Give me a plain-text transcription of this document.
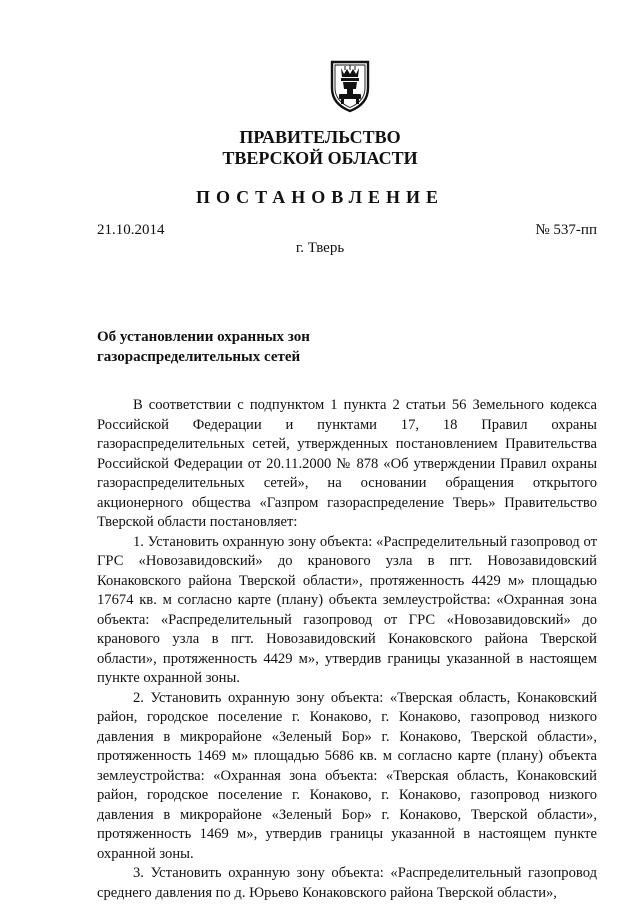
ПРАВИТЕЛЬСТВО
ТВЕРСКОЙ ОБЛАСТИ
ПОСТАНОВЛЕНИЕ
21.10.2014	№ 537-пп
г. Тверь
Об установлении охранных зон
газораспределительных сетей

В соответствии с подпунктом 1 пункта 2 статьи 56 Земельного кодекса Российской Федерации и пунктами 17, 18 Правил охраны газораспределительных сетей, утвержденных постановлением Правительства Российской Федерации от 20.11.2000 № 878 «Об утверждении Правил охраны газораспределительных сетей», на основании обращения открытого акционерного общества «Газпром газораспределение Тверь» Правительство Тверской области постановляет:

1. Установить охранную зону объекта: «Распределительный газопровод от ГРС «Новозавидовский» до кранового узла в пгт. Новозавидовский Конаковского района Тверской области», протяженность 4429 м» площадью 17674 кв. м согласно карте (плану) объекта землеустройства: «Охранная зона объекта: «Распределительный газопровод от ГРС «Новозавидовский» до кранового узла в пгт. Новозавидовский Конаковского района Тверской области», протяженность 4429 м», утвердив границы указанной в настоящем пункте охранной зоны.

2. Установить охранную зону объекта: «Тверская область, Конаковский район, городское поселение г. Конаково, г. Конаково, газопровод низкого давления в микрорайоне «Зеленый Бор» г. Конаково, Тверской области», протяженность 1469 м» площадью 5686 кв. м согласно карте (плану) объекта землеустройства: «Охранная зона объекта: «Тверская область, Конаковский район, городское поселение г. Конаково, г. Конаково, газопровод низкого давления в микрорайоне «Зеленый Бор» г. Конаково, Тверской области», протяженность 1469 м», утвердив границы указанной в настоящем пункте охранной зоны.

3. Установить охранную зону объекта: «Распределительный газопровод среднего давления по д. Юрьево Конаковского района Тверской области»,
